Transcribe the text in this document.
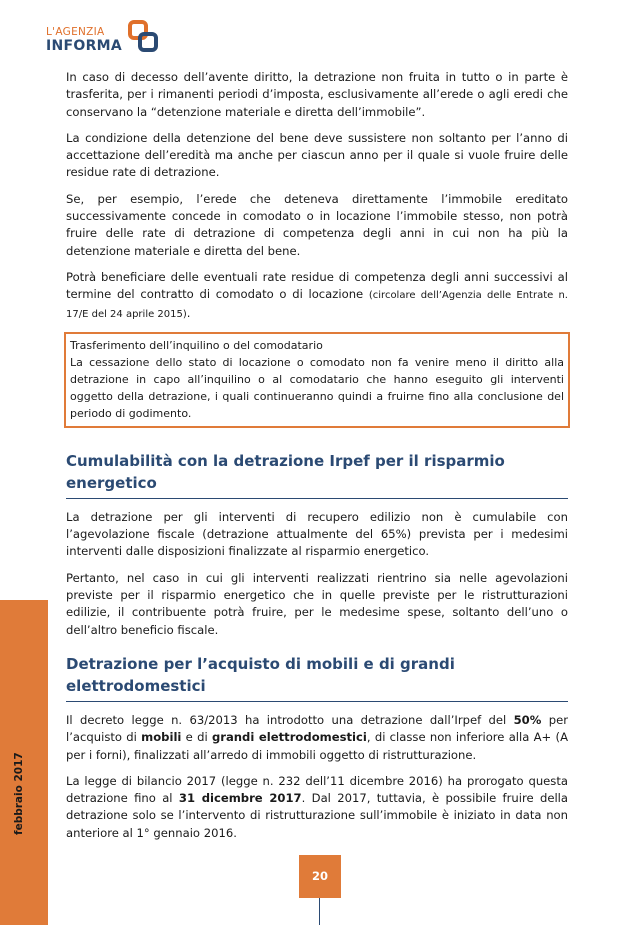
L'AGENZIA
INFORMA
febbraio 2017

In caso di decesso dell’avente diritto, la detrazione non fruita in tutto o in parte è trasferita, per i rimanenti periodi d’imposta, esclusivamente all’erede o agli eredi che conservano la “detenzione materiale e diretta dell’immobile”.

La condizione della detenzione del bene deve sussistere non soltanto per l’anno di accettazione dell’eredità ma anche per ciascun anno per il quale si vuole fruire delle residue rate di detrazione.

Se, per esempio, l’erede che deteneva direttamente l’immobile ereditato successivamente concede in comodato o in locazione l’immobile stesso, non potrà fruire delle rate di detrazione di competenza degli anni in cui non ha più la detenzione materiale e diretta del bene.

Potrà beneficiare delle eventuali rate residue di competenza degli anni successivi al termine del contratto di comodato o di locazione (circolare dell’Agenzia delle Entrate n. 17/E del 24 aprile 2015).

Trasferimento dell’inquilino o del comodatario

La cessazione dello stato di locazione o comodato non fa venire meno il diritto alla detrazione in capo all’inquilino o al comodatario che hanno eseguito gli interventi oggetto della detrazione, i quali continueranno quindi a fruirne fino alla conclusione del periodo di godimento.

Cumulabilità con la detrazione Irpef per il risparmio energetico

La detrazione per gli interventi di recupero edilizio non è cumulabile con l’agevolazione fiscale (detrazione attualmente del 65%) prevista per i medesimi interventi dalle disposizioni finalizzate al risparmio energetico.

Pertanto, nel caso in cui gli interventi realizzati rientrino sia nelle agevolazioni previste per il risparmio energetico che in quelle previste per le ristrutturazioni edilizie, il contribuente potrà fruire, per le medesime spese, soltanto dell’uno o dell’altro beneficio fiscale.

Detrazione per l’acquisto di mobili e di grandi elettrodomestici

Il decreto legge n. 63/2013 ha introdotto una detrazione dall’Irpef del 50% per l’acquisto di mobili e di grandi elettrodomestici, di classe non inferiore alla A+ (A per i forni), finalizzati all’arredo di immobili oggetto di ristrutturazione.

La legge di bilancio 2017 (legge n. 232 dell’11 dicembre 2016) ha prorogato questa detrazione fino al 31 dicembre 2017. Dal 2017, tuttavia, è possibile fruire della detrazione solo se l’intervento di ristrutturazione sull’immobile è iniziato in data non anteriore al 1° gennaio 2016.

20
